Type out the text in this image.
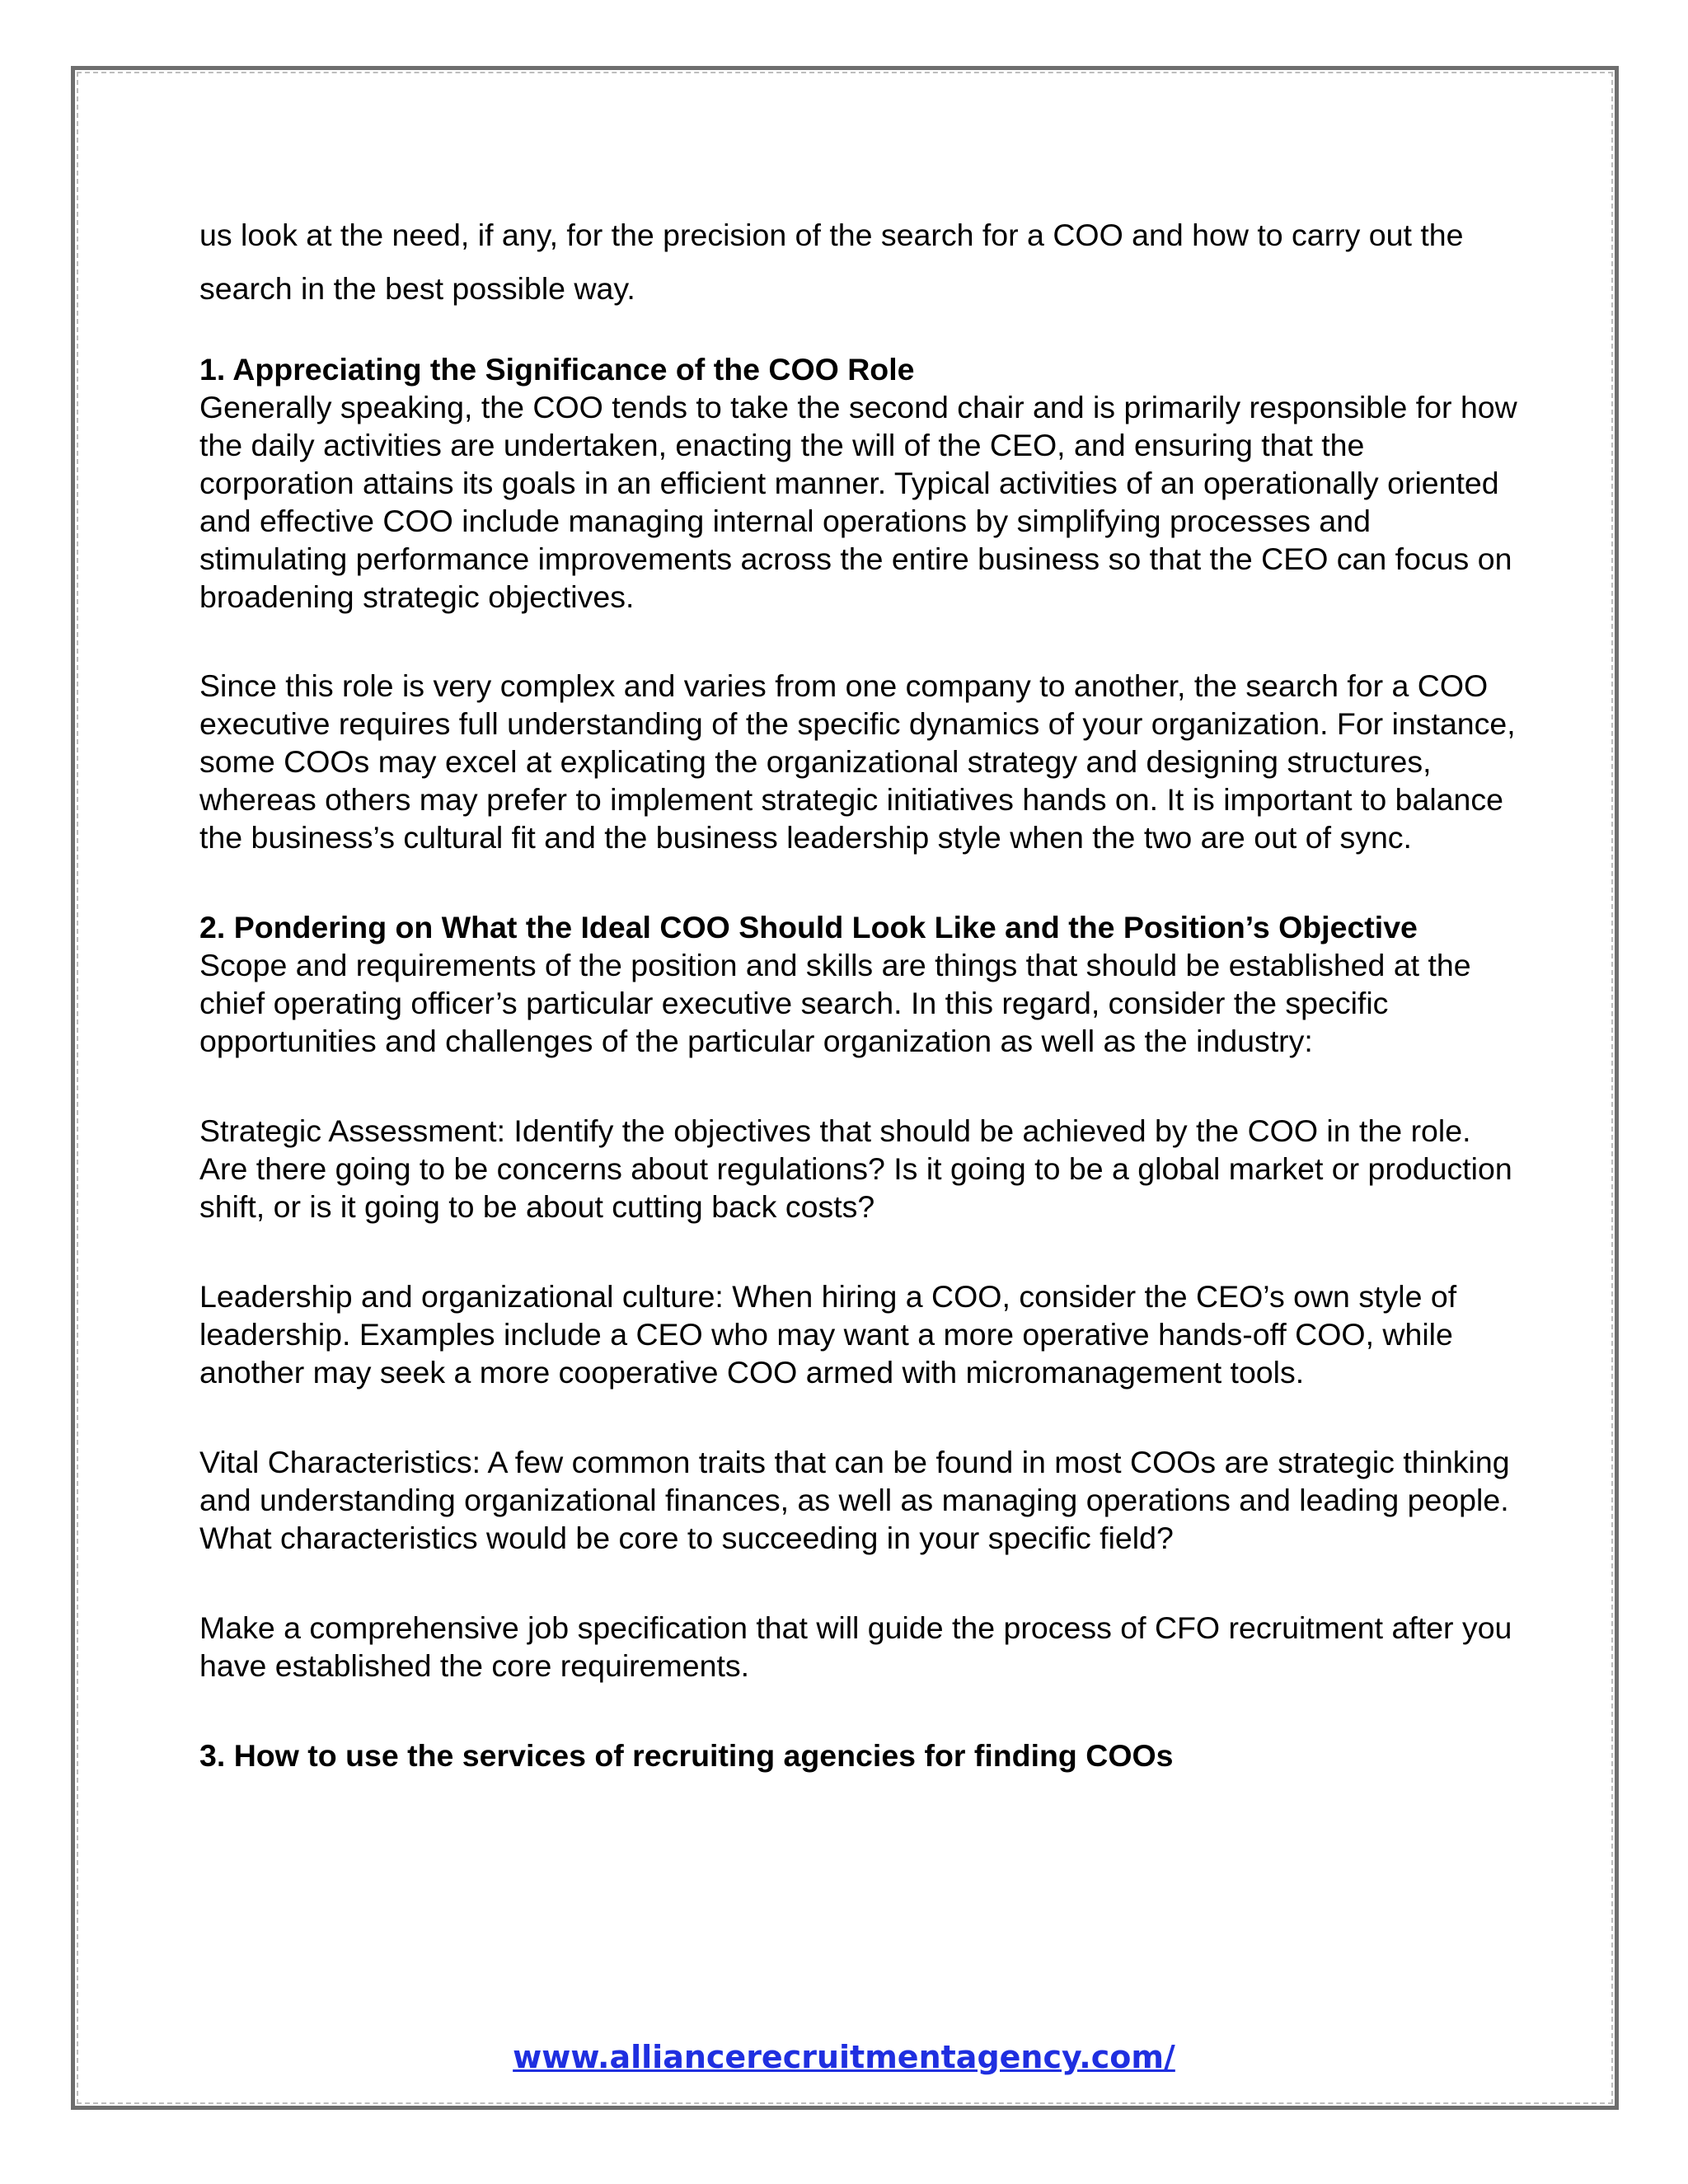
us look at the need, if any, for the precision of the search for a COO and how to carry out the search in the best possible way.

1. Appreciating the Significance of the COO Role

Generally speaking, the COO tends to take the second chair and is primarily responsible for how the daily activities are undertaken, enacting the will of the CEO, and ensuring that the corporation attains its goals in an efficient manner. Typical activities of an operationally oriented and effective COO include managing internal operations by simplifying processes and stimulating performance improvements across the entire business so that the CEO can focus on broadening strategic objectives.

Since this role is very complex and varies from one company to another, the search for a COO executive requires full understanding of the specific dynamics of your organization. For instance, some COOs may excel at explicating the organizational strategy and designing structures, whereas others may prefer to implement strategic initiatives hands on. It is important to balance the business’s cultural fit and the business leadership style when the two are out of sync.

2. Pondering on What the Ideal COO Should Look Like and the Position’s Objective

Scope and requirements of the position and skills are things that should be established at the chief operating officer’s particular executive search. In this regard, consider the specific opportunities and challenges of the particular organization as well as the industry:

Strategic Assessment: Identify the objectives that should be achieved by the COO in the role. Are there going to be concerns about regulations? Is it going to be a global market or production shift, or is it going to be about cutting back costs?

Leadership and organizational culture: When hiring a COO, consider the CEO’s own style of leadership. Examples include a CEO who may want a more operative hands-off COO, while another may seek a more cooperative COO armed with micromanagement tools.

Vital Characteristics: A few common traits that can be found in most COOs are strategic thinking and understanding organizational finances, as well as managing operations and leading people. What characteristics would be core to succeeding in your specific field?

Make a comprehensive job specification that will guide the process of CFO recruitment after you have established the core requirements.

3. How to use the services of recruiting agencies for finding COOs
www.alliancerecruitmentagency.com/
